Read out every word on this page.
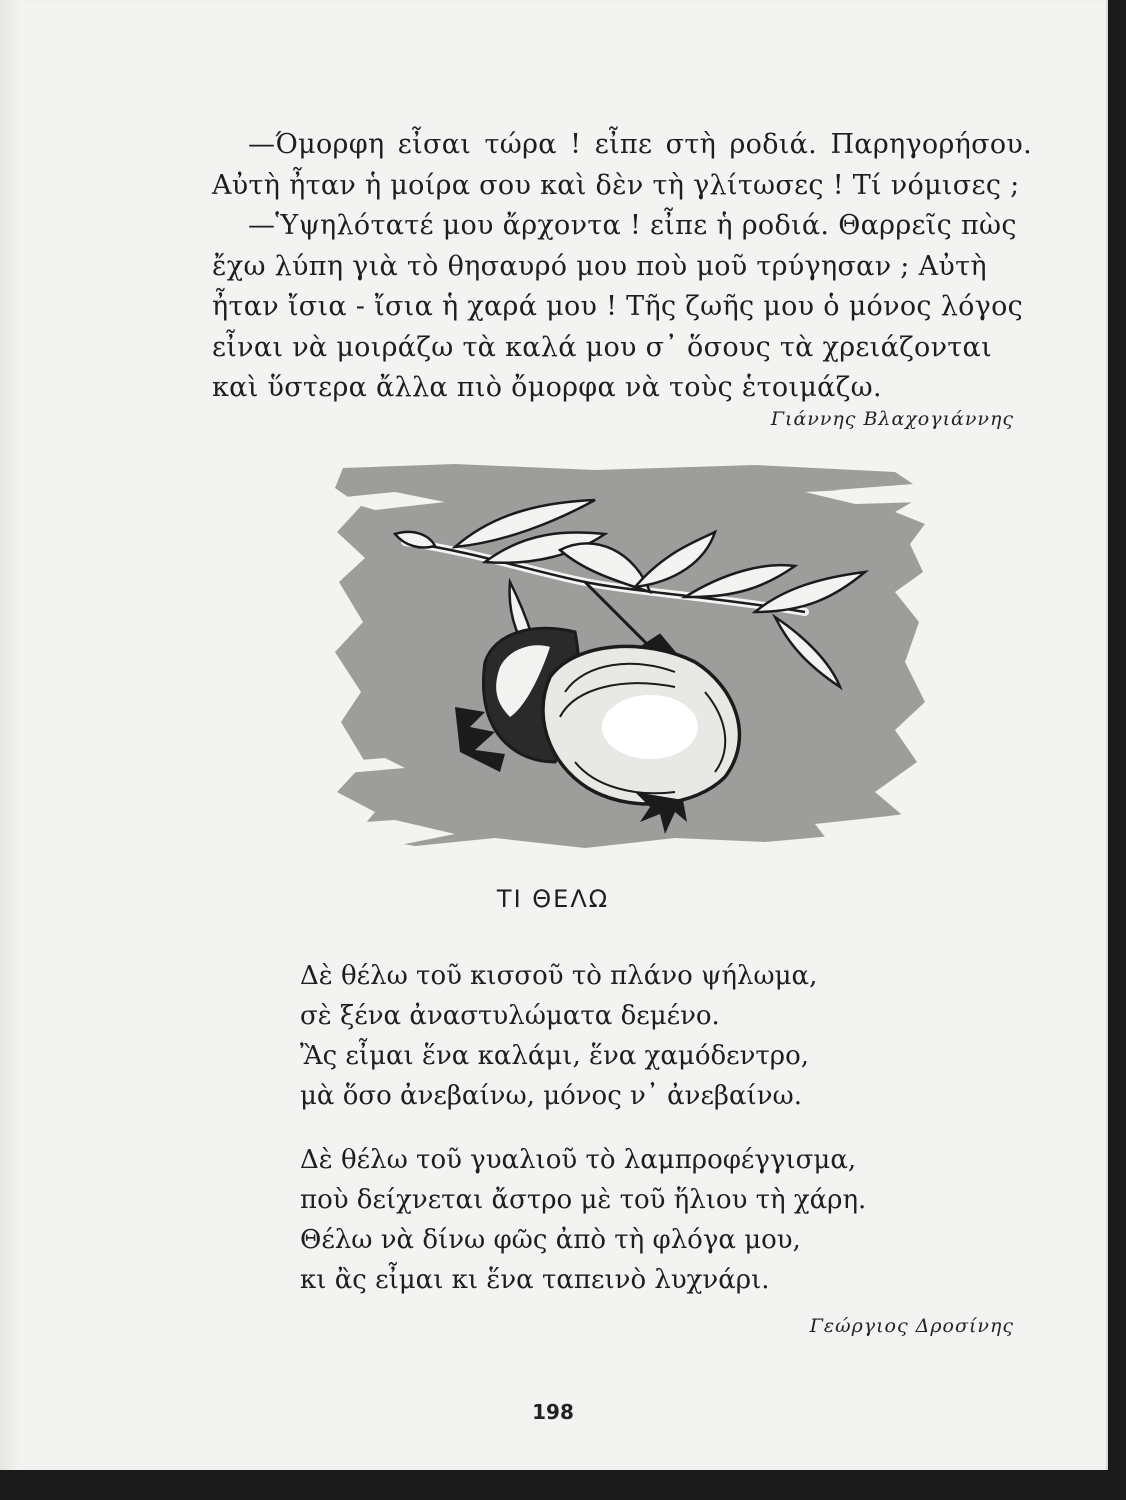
—Όμορφη εἶσαι τώρα ! εἶπε στὴ ροδιά. Παρηγορήσου. Αὐτὴ ἦταν ἡ μοίρα σου καὶ δὲν τὴ γλίτωσες ! Τί νόμισες ;

—Ὑψηλότατέ μου ἄρχοντα ! εἶπε ἡ ροδιά. Θαρρεῖς πὼς ἔχω λύπη γιὰ τὸ θησαυρό μου ποὺ μοῦ τρύγησαν ; Αὐτὴ ἦταν ἴσια - ἴσια ἡ χαρά μου ! Τῆς ζωῆς μου ὁ μόνος λόγος εἶναι νὰ μοιράζω τὰ καλά μου σ᾽ ὅσους τὰ χρειάζονται καὶ ὕστερα ἄλλα πιὸ ὄμορφα νὰ τοὺς ἑτοιμάζω.

Γιάννης Βλαχογιάννης
ΤΙ ΘΕΛΩ
Δὲ θέλω τοῦ κισσοῦ τὸ πλάνο ψήλωμα,
σὲ ξένα ἀναστυλώματα δεμένο.
Ἂς εἶμαι ἕνα καλάμι, ἕνα χαμόδεντρο,
μὰ ὅσο ἀνεβαίνω, μόνος ν᾽ ἀνεβαίνω.
Δὲ θέλω τοῦ γυαλιοῦ τὸ λαμπροφέγγισμα,
ποὺ δείχνεται ἄστρο μὲ τοῦ ἥλιου τὴ χάρη.
Θέλω νὰ δίνω φῶς ἀπὸ τὴ φλόγα μου,
κι ἂς εἶμαι κι ἕνα ταπεινὸ λυχνάρι.
Γεώργιος Δροσίνης
198
